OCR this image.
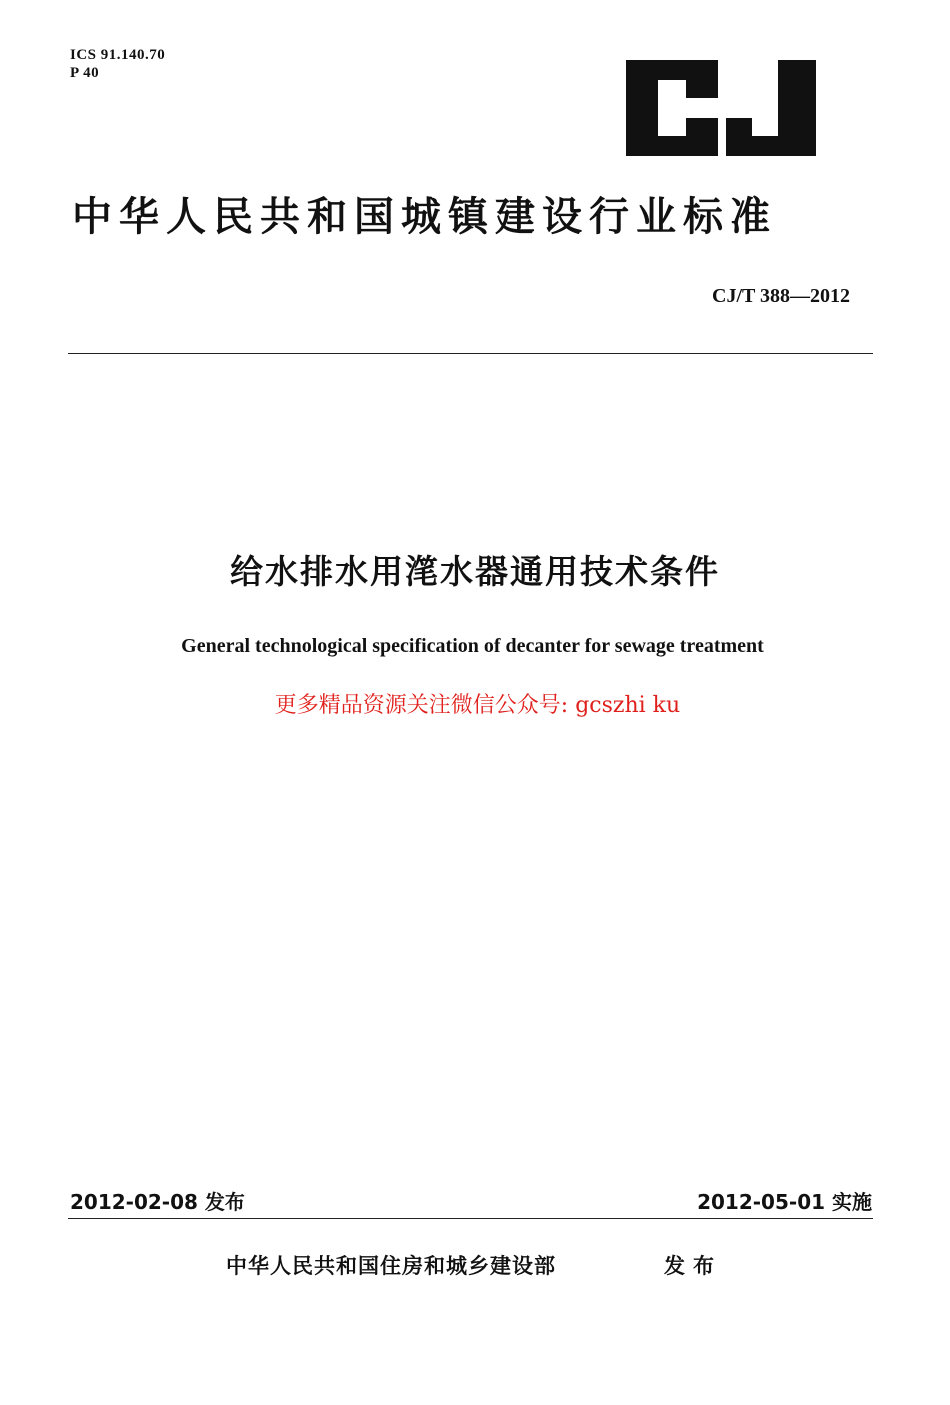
ICS 91.140.70
P 40
中华人民共和国城镇建设行业标准
CJ/T 388—2012
给水排水用滗水器通用技术条件
General technological specification of decanter for sewage treatment
更多精品资源关注微信公众号: gcszhi ku
2012-02-08 发布	2012-05-01 实施
中华人民共和国住房和城乡建设部	发布
